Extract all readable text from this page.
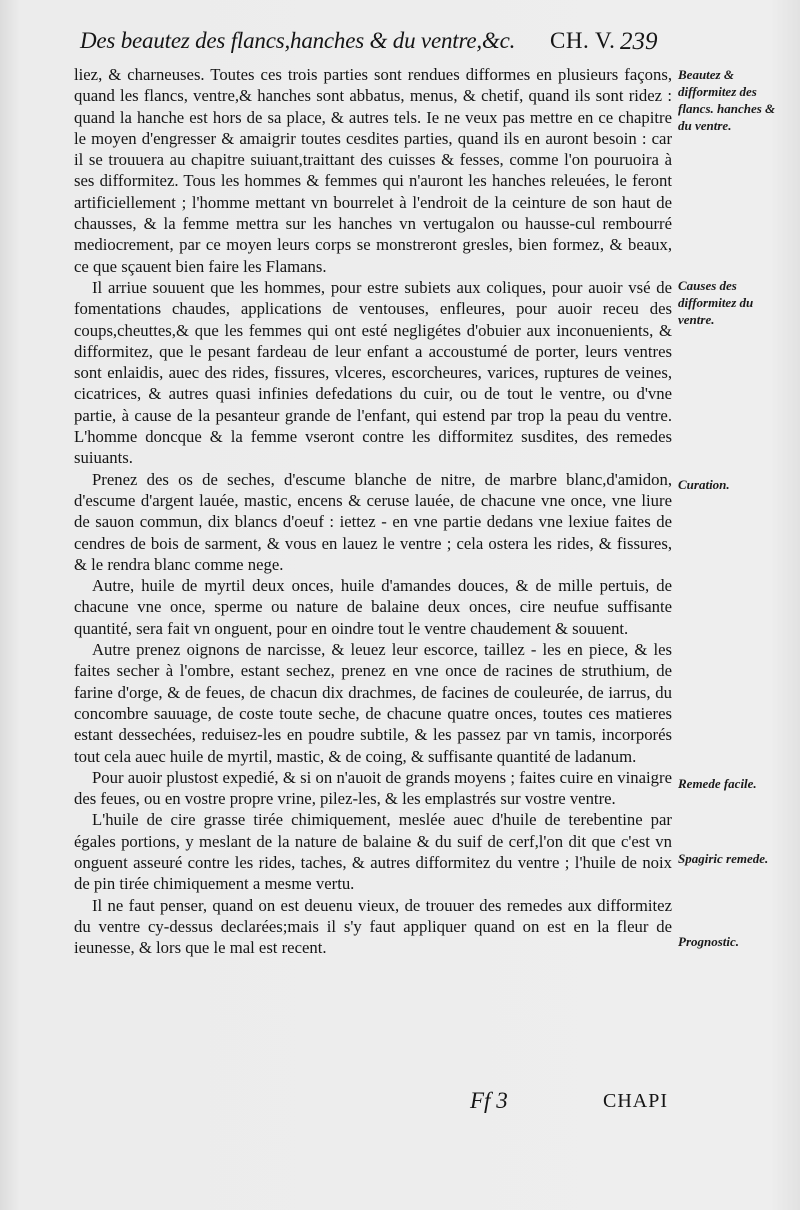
Des beautez des flancs,hanches & du ventre,&c. CH. V. 239

liez, & charneuses. Toutes ces trois parties sont rendues difformes en plusieurs façons, quand les flancs, ventre,& hanches sont abbatus, menus, & chetif, quand ils sont ridez : quand la hanche est hors de sa place, & autres tels. Ie ne veux pas mettre en ce chapitre le moyen d'engresser & amaigrir toutes cesdites parties, quand ils en auront besoin : car il se trouuera au chapitre suiuant,traittant des cuisses & fesses, comme l'on pouruoira à ses difformitez. Tous les hommes & femmes qui n'auront les hanches releuées, le feront artificiellement ; l'homme mettant vn bourrelet à l'endroit de la ceinture de son haut de chausses, & la femme mettra sur les hanches vn vertugalon ou hausse-cul rembourré mediocrement, par ce moyen leurs corps se monstreront gresles, bien formez, & beaux, ce que sçauent bien faire les Flamans.

Il arriue souuent que les hommes, pour estre subiets aux coliques, pour auoir vsé de fomentations chaudes, applications de ventouses, enfleures, pour auoir receu des coups,cheuttes,& que les femmes qui ont esté negligétes d'obuier aux inconuenients, & difformitez, que le pesant fardeau de leur enfant a accoustumé de porter, leurs ventres sont enlaidis, auec des rides, fissures, vlceres, escorcheures, varices, ruptures de veines, cicatrices, & autres quasi infinies defedations du cuir, ou de tout le ventre, ou d'vne partie, à cause de la pesanteur grande de l'enfant, qui estend par trop la peau du ventre. L'homme doncque & la femme vseront contre les difformitez susdites, des remedes suiuants.

Prenez des os de seches, d'escume blanche de nitre, de marbre blanc,d'amidon, d'escume d'argent lauée, mastic, encens & ceruse lauée, de chacune vne once, vne liure de sauon commun, dix blancs d'oeuf : iettez - en vne partie dedans vne lexiue faites de cendres de bois de sarment, & vous en lauez le ventre ; cela ostera les rides, & fissures, & le rendra blanc comme nege.

Autre, huile de myrtil deux onces, huile d'amandes douces, & de mille pertuis, de chacune vne once, sperme ou nature de balaine deux onces, cire neufue suffisante quantité, sera fait vn onguent, pour en oindre tout le ventre chaudement & souuent.

Autre prenez oignons de narcisse, & leuez leur escorce, taillez - les en piece, & les faites secher à l'ombre, estant sechez, prenez en vne once de racines de struthium, de farine d'orge, & de feues, de chacun dix drachmes, de facines de couleurée, de iarrus, du concombre sauuage, de coste toute seche, de chacune quatre onces, toutes ces matieres estant dessechées, reduisez-les en poudre subtile, & les passez par vn tamis, incorporés tout cela auec huile de myrtil, mastic, & de coing, & suffisante quantité de ladanum.

Pour auoir plustost expedié, & si on n'auoit de grands moyens ; faites cuire en vinaigre des feues, ou en vostre propre vrine, pilez-les, & les emplastrés sur vostre ventre.

L'huile de cire grasse tirée chimiquement, meslée auec d'huile de terebentine par égales portions, y meslant de la nature de balaine & du suif de cerf,l'on dit que c'est vn onguent asseuré contre les rides, taches, & autres difformitez du ventre ; l'huile de noix de pin tirée chimiquement a mesme vertu.

Il ne faut penser, quand on est deuenu vieux, de trouuer des remedes aux difformitez du ventre cy-dessus declarées;mais il s'y faut appliquer quand on est en la fleur de ieunesse, & lors que le mal est recent.

Beautez & difformitez des flancs. hanches & du ventre.
Causes des difformitez du ventre.
Curation.
Remede facile.
Spagiric remede.
Prognostic.
Ff 3	CHAPI
